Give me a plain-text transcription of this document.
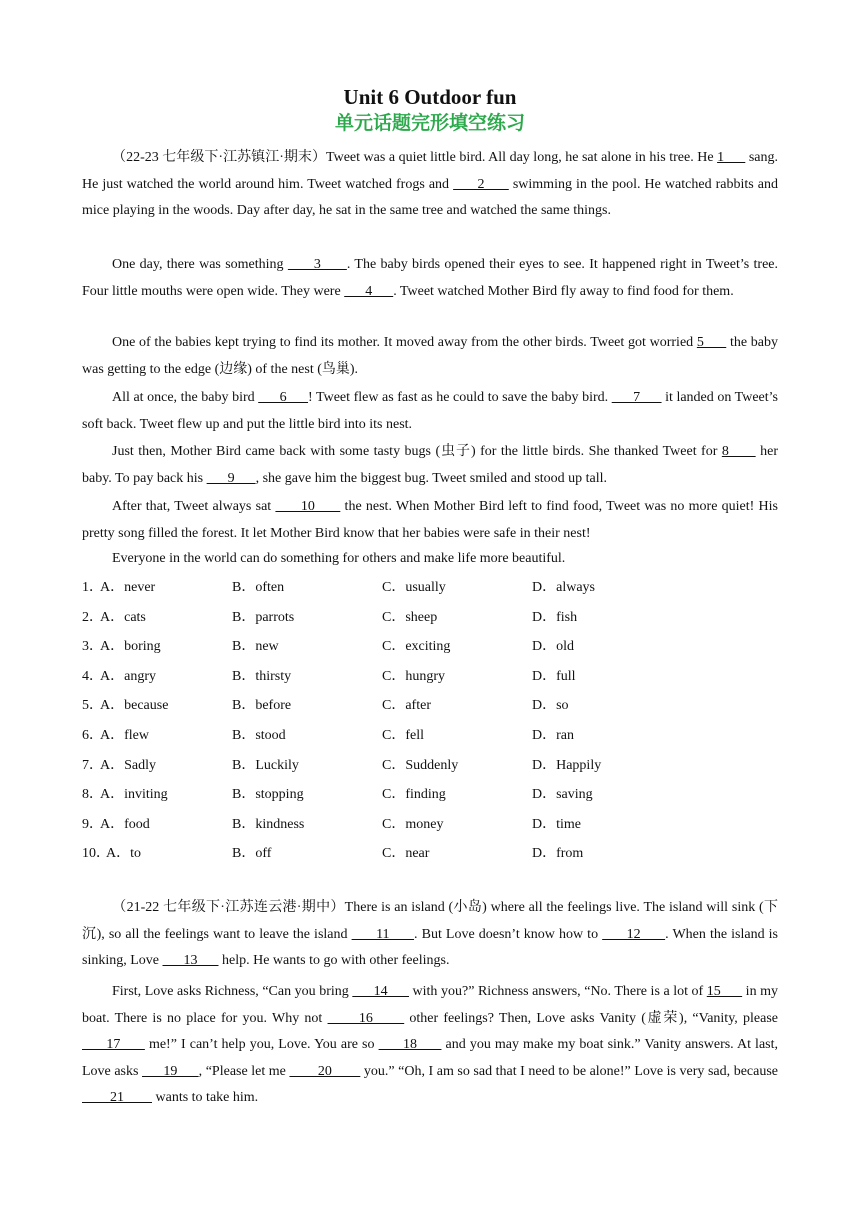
Unit 6 Outdoor fun
单元话题完形填空练习
（22-23 七年级下·江苏镇江·期末）Tweet was a quiet little bird. All day long, he sat alone in his tree. He 1       sang. He just watched the world around him. Tweet watched frogs and       2       swimming in the pool. He watched rabbits and mice playing in the woods. Day after day, he sat in the same tree and watched the same things.
One day, there was something       3      . The baby birds opened their eyes to see. It happened right in Tweet’s tree. Four little mouths were open wide. They were       4      . Tweet watched Mother Bird fly away to find food for them.
One of the babies kept trying to find its mother. It moved away from the other birds. Tweet got worried 5       the baby was getting to the edge (边缘) of the nest (鸟巢).
All at once, the baby bird       6      ! Tweet flew as fast as he could to save the baby bird.       7       it landed on Tweet’s soft back. Tweet flew up and put the little bird into its nest.
Just then, Mother Bird came back with some tasty bugs (虫子) for the little birds. She thanked Tweet for 8       her baby. To pay back his       9      , she gave him the biggest bug. Tweet smiled and stood up tall.
After that, Tweet always sat       10       the nest. When Mother Bird left to find food, Tweet was no more quiet! His pretty song filled the forest. It let Mother Bird know that her babies were safe in their nest!
Everyone in the world can do something for others and make life more beautiful.
1．
A．never	B．often	C．usually	D．always
2．
A．cats	B．parrots	C．sheep	D．fish
3．
A．boring	B．new	C．exciting	D．old
4．
A．angry	B．thirsty	C．hungry	D．full
5．
A．because	B．before	C．after	D．so
6．
A．flew	B．stood	C．fell	D．ran
7．
A．Sadly	B．Luckily	C．Suddenly	D．Happily
8．
A．inviting	B．stopping	C．finding	D．saving
9．
A．food	B．kindness	C．money	D．time
10．
A．to	B．off	C．near	D．from
（21-22 七年级下·江苏连云港·期中）There is an island (小岛) where all the feelings live. The island will sink (下沉), so all the feelings want to leave the island       11      . But Love doesn’t know how to       12      . When the island is sinking, Love       13       help. He wants to go with other feelings.
First, Love asks Richness, “Can you bring       14       with you?” Richness answers, “No. There is a lot of 15       in my boat. There is no place for you. Why not       16       other feelings? Then, Love asks Vanity (虚荣), “Vanity, please       17       me!” I can’t help you, Love. You are so       18       and you may make my boat sink.” Vanity answers. At last, Love asks       19      , “Please let me         20         you.” “Oh, I am so sad that I need to be alone!” Love is very sad, because         21         wants to take him.
